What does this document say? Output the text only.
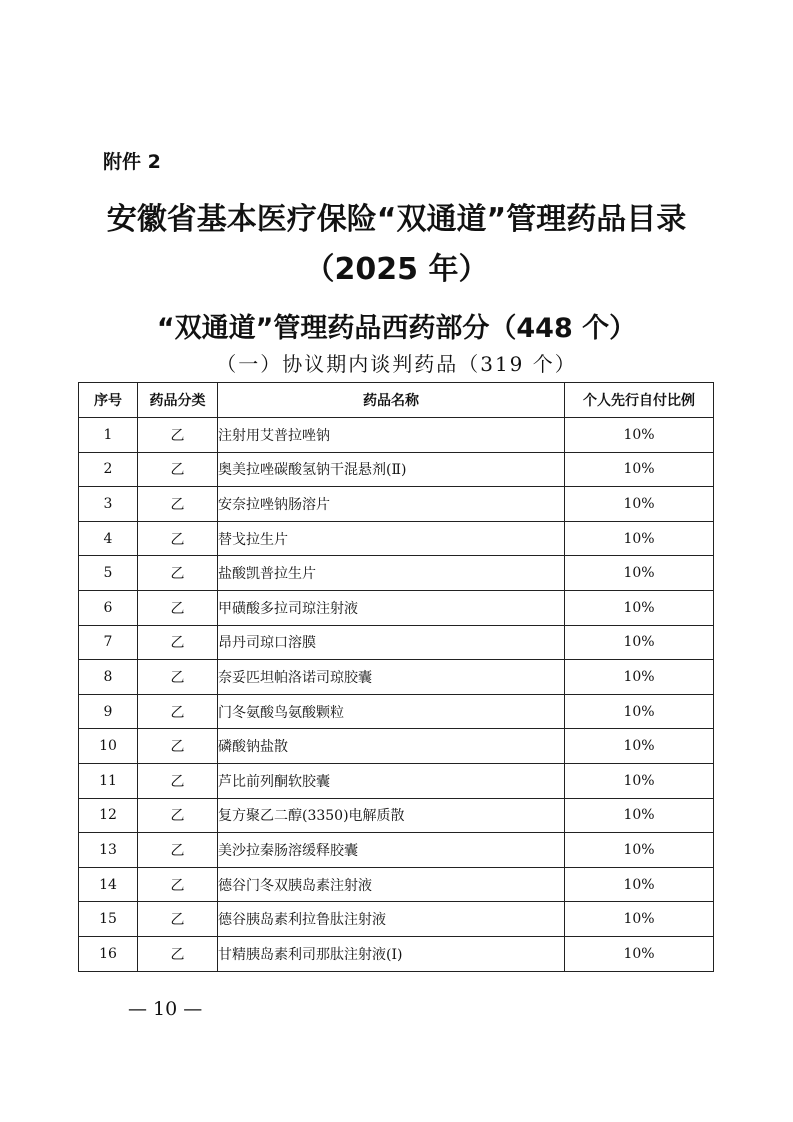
附件 2
安徽省基本医疗保险“双通道”管理药品目录
（2025 年）
“双通道”管理药品西药部分（448 个）
（一）协议期内谈判药品（319 个）
序号	药品分类	药品名称	个人先行自付比例
1	乙	注射用艾普拉唑钠	10%
2	乙	奥美拉唑碳酸氢钠干混悬剂(Ⅱ)	10%
3	乙	安奈拉唑钠肠溶片	10%
4	乙	替戈拉生片	10%
5	乙	盐酸凯普拉生片	10%
6	乙	甲磺酸多拉司琼注射液	10%
7	乙	昂丹司琼口溶膜	10%
8	乙	奈妥匹坦帕洛诺司琼胶囊	10%
9	乙	门冬氨酸鸟氨酸颗粒	10%
10	乙	磷酸钠盐散	10%
11	乙	芦比前列酮软胶囊	10%
12	乙	复方聚乙二醇(3350)电解质散	10%
13	乙	美沙拉秦肠溶缓释胶囊	10%
14	乙	德谷门冬双胰岛素注射液	10%
15	乙	德谷胰岛素利拉鲁肽注射液	10%
16	乙	甘精胰岛素利司那肽注射液(Ⅰ)	10%
— 10 —
